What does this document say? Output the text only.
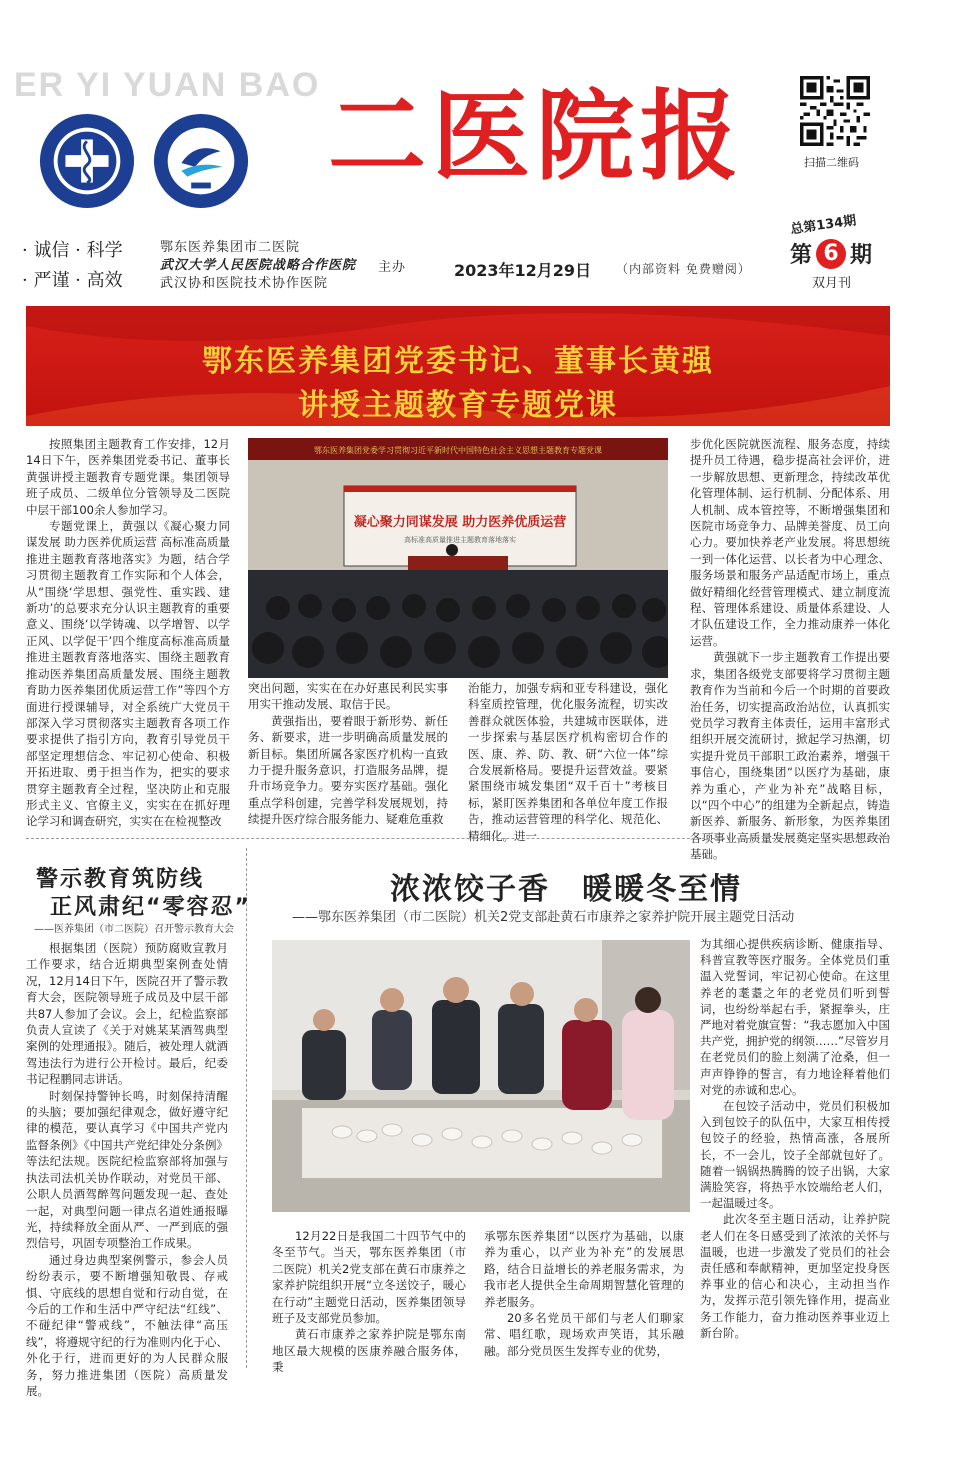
ER YI YUAN BAO 二医院报	扫描二维码
· 诚信 · 科学
· 严谨 · 高效
鄂东医养集团市二医院
武汉大学人民医院战略合作医院
武汉协和医院技术协作医院
主办	2023年12月29日 （内部资料 免费赠阅）
总第134期
第 6 期
双月刊
鄂东医养集团党委书记、董事长黄强
讲授主题教育专题党课

按照集团主题教育工作安排，12月14日下午，医养集团党委书记、董事长黄强讲授主题教育专题党课。集团领导班子成员、二级单位分管领导及二医院中层干部100余人参加学习。

专题党课上，黄强以《凝心聚力同谋发展 助力医养优质运营 高标准高质量推进主题教育落地落实》为题，结合学习贯彻主题教育工作实际和个人体会，从“围绕‘学思想、强党性、重实践、建新功’的总要求充分认识主题教育的重要意义、围绕‘以学铸魂、以学增智、以学正风、以学促干’四个维度高标准高质量推进主题教育落地落实、围绕主题教育推动医养集团高质量发展、围绕主题教育助力医养集团优质运营工作”等四个方面进行授课辅导，对全系统广大党员干部深入学习贯彻落实主题教育各项工作要求提供了指引方向，教育引导党员干部坚定理想信念、牢记初心使命、积极开拓进取、勇于担当作为，把实的要求贯穿主题教育全过程，坚决防止和克服形式主义、官僚主义，实实在在抓好理论学习和调查研究，实实在在检视整改

鄂东医养集团党委学习贯彻习近平新时代中国特色社会主义思想主题教育专题党课
凝心聚力同谋发展 助力医养优质运营
高标准高质量推进主题教育落地落实

突出问题，实实在在办好惠民利民实事用实干推动发展、取信于民。

黄强指出，要着眼于新形势、新任务、新要求，进一步明确高质量发展的新目标。集团所属各家医疗机构一直致力于提升服务意识，打造服务品牌，提升市场竞争力。要夯实医疗基础。强化重点学科创建，完善学科发展规划，持续提升医疗综合服务能力、疑难危重救

治能力，加强专病和亚专科建设，强化科室质控管理，优化服务流程，切实改善群众就医体验，共建城市医联体，进一步探索与基层医疗机构密切合作的医、康、养、防、教、研“六位一体”综合发展新格局。要提升运营效益。要紧紧围绕市城发集团“双千百十”考核目标，紧盯医养集团和各单位年度工作报告，推动运营管理的科学化、规范化、精细化。进一

步优化医院就医流程、服务态度，持续提升员工待遇，稳步提高社会评价，进一步解放思想、更新理念，持续改革优化管理体制、运行机制、分配体系、用人机制、成本管控等，不断增强集团和医院市场竞争力、品牌美誉度、员工向心力。要加快养老产业发展。将思想统一到一体化运营、以长者为中心理念、服务场景和服务产品适配市场上，重点做好精细化经营管理模式、建立制度流程、管理体系建设、质量体系建设、人才队伍建设工作，全力推动康养一体化运营。

黄强就下一步主题教育工作提出要求，集团各级党支部要将学习贯彻主题教育作为当前和今后一个时期的首要政治任务，切实提高政治站位，认真抓实党员学习教育主体责任，运用丰富形式组织开展交流研讨，掀起学习热潮，切实提升党员干部职工政治素养，增强干事信心，围绕集团“以医疗为基础，康养为重心，产业为补充”战略目标，以“四个中心”的组建为全新起点，铸造新医养、新服务、新形象，为医养集团各项事业高质量发展奠定坚实思想政治基础。

警示教育筑防线
正风肃纪“零容忍”
——医养集团（市二医院）召开警示教育大会

根据集团（医院）预防腐败宣教月工作要求，结合近期典型案例查处情况，12月14日下午，医院召开了警示教育大会，医院领导班子成员及中层干部共87人参加了会议。会上，纪检监察部负责人宣读了《关于对姚某某酒驾典型案例的处理通报》。随后，被处理人就酒驾违法行为进行公开检讨。最后，纪委书记程鹏同志讲话。

时刻保持警钟长鸣，时刻保持清醒的头脑；要加强纪律观念，做好遵守纪律的模范，要认真学习《中国共产党内监督条例》《中国共产党纪律处分条例》等法纪法规。医院纪检监察部将加强与执法司法机关协作联动，对党员干部、公职人员酒驾醉驾问题发现一起、查处一起，对典型问题一律点名道姓通报曝光，持续释放全面从严、一严到底的强烈信号，巩固专项整治工作成果。

通过身边典型案例警示，参会人员纷纷表示，要不断增强知敬畏、存戒惧、守底线的思想自觉和行动自觉，在今后的工作和生活中严守纪法“红线”、不碰纪律“警戒线”，不触法律“高压线”，将遵规守纪的行为准则内化于心、外化于行，进而更好的为人民群众服务，努力推进集团（医院）高质量发展。

浓浓饺子香　暖暖冬至情
——鄂东医养集团（市二医院）机关2党支部赴黄石市康养之家养护院开展主题党日活动

12月22日是我国二十四节气中的冬至节气。当天，鄂东医养集团（市二医院）机关2党支部在黄石市康养之家养护院组织开展“立冬送饺子，暖心在行动”主题党日活动，医养集团领导班子及支部党员参加。

黄石市康养之家养护院是鄂东南地区最大规模的医康养融合服务体，秉

承鄂东医养集团“以医疗为基础，以康养为重心，以产业为补充”的发展思路，结合日益增长的养老服务需求，为我市老人提供全生命周期智慧化管理的养老服务。

20多名党员干部们与老人们聊家常、唱红歌，现场欢声笑语，其乐融融。部分党员医生发挥专业的优势，

为其细心提供疾病诊断、健康指导、科普宣教等医疗服务。全体党员们重温入党誓词，牢记初心使命。在这里养老的耄耋之年的老党员们听到誓词，也纷纷举起右手，紧握拳头，庄严地对着党旗宣誓：“我志愿加入中国共产党，拥护党的纲领……”尽管岁月在老党员们的脸上刻满了沧桑，但一声声铮铮的誓言，有力地诠释着他们对党的赤诚和忠心。

在包饺子活动中，党员们积极加入到包饺子的队伍中，大家互相传授包饺子的经验，热情高涨，各展所长，不一会儿，饺子全部就包好了。随着一锅锅热腾腾的饺子出锅，大家满脸笑容，将热乎水饺端给老人们，一起温暖过冬。

此次冬至主题日活动，让养护院老人们在冬日感受到了浓浓的关怀与温暖，也进一步激发了党员们的社会责任感和奉献精神，更加坚定投身医养事业的信心和决心，主动担当作为，发挥示范引领先锋作用，提高业务工作能力，奋力推动医养事业迈上新台阶。
